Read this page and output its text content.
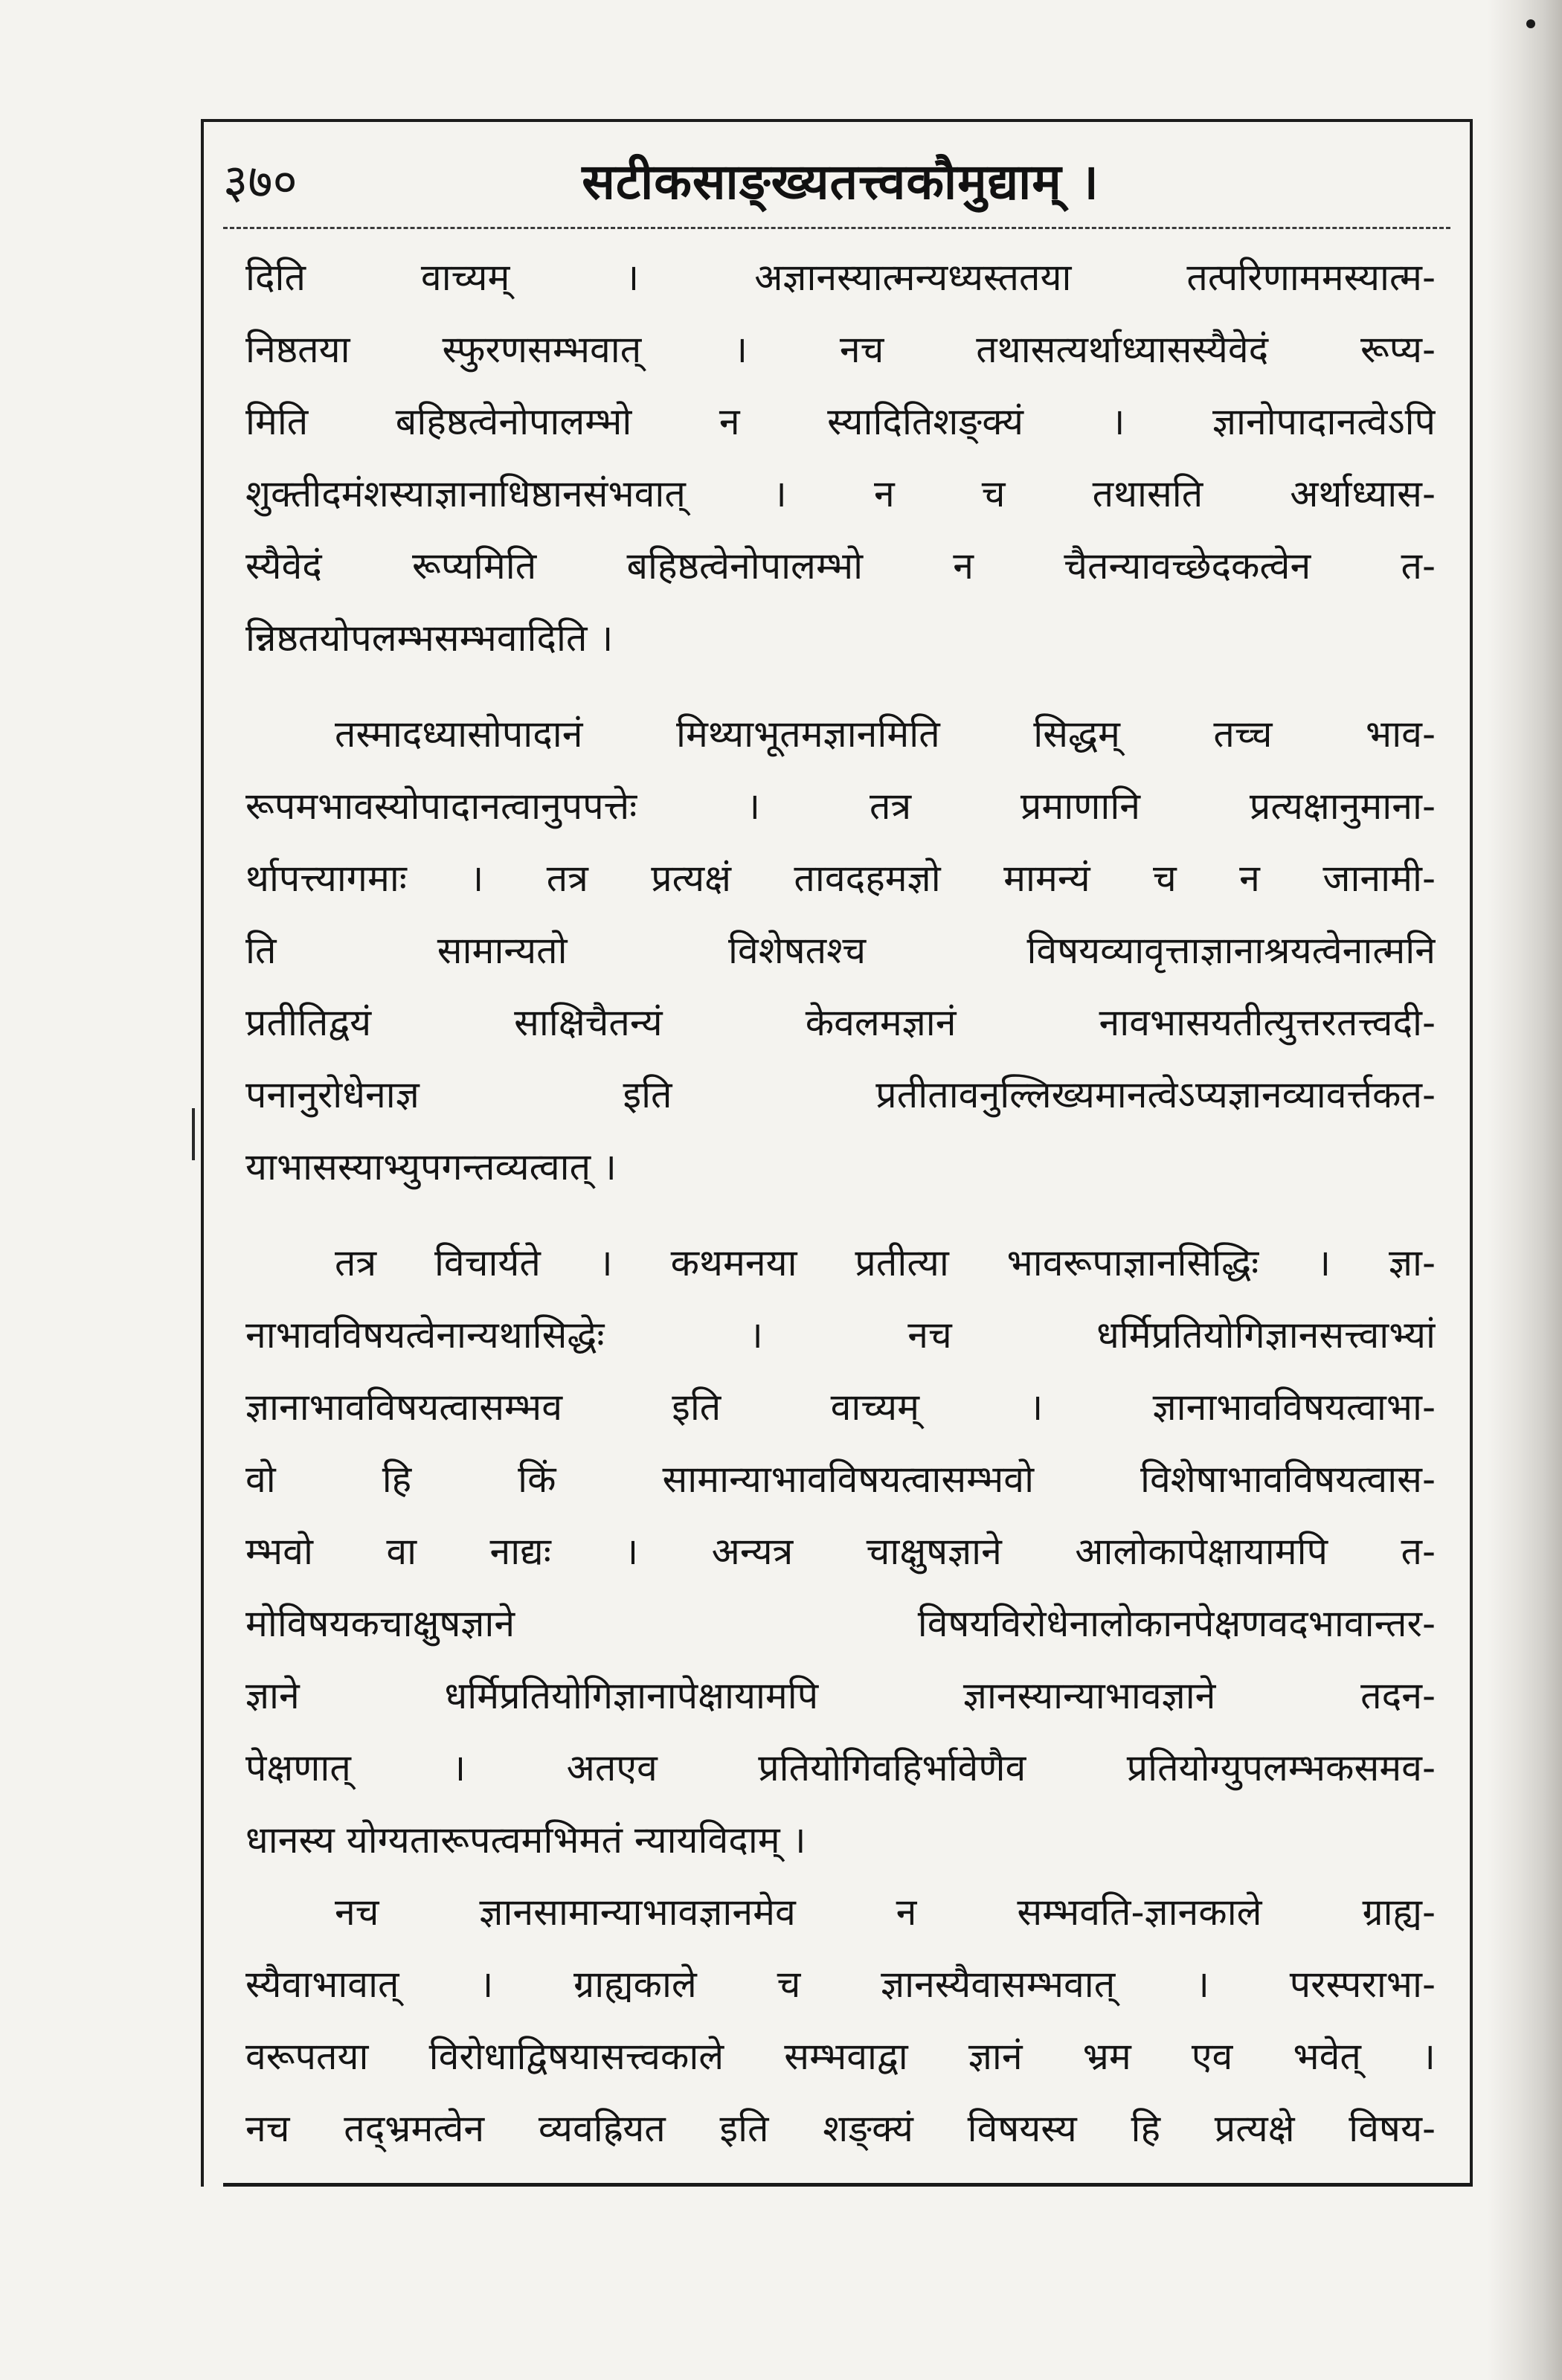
३७०	सटीकसाङ्ख्यतत्त्वकौमुद्याम् ।
दिति वाच्यम् । अज्ञानस्यात्मन्यध्यस्ततया तत्परिणाममस्यात्म-
निष्ठतया स्फुरणसम्भवात् । नच तथासत्यर्थाध्यासस्यैवेदं रूप्य-
मिति बहिष्ठत्वेनोपालम्भो न स्यादितिशङ्क्यं । ज्ञानोपादानत्वेऽपि
शुक्तीदमंशस्याज्ञानाधिष्ठानसंभवात् । न च तथासति अर्थाध्यास-
स्यैवेदं रूप्यमिति बहिष्ठत्वेनोपालम्भो न चैतन्यावच्छेदकत्वेन त-
न्निष्ठतयोपलम्भसम्भवादिति ।
तस्मादध्यासोपादानं मिथ्याभूतमज्ञानमिति सिद्धम् तच्च भाव-
रूपमभावस्योपादानत्वानुपपत्तेः । तत्र प्रमाणानि प्रत्यक्षानुमाना-
र्थापत्त्यागमाः । तत्र प्रत्यक्षं तावदहमज्ञो मामन्यं च न जानामी-
ति सामान्यतो विशेषतश्च विषयव्यावृत्ताज्ञानाश्रयत्वेनात्मनि
प्रतीतिद्वयं साक्षिचैतन्यं केवलमज्ञानं नावभासयतीत्युत्तरतत्त्वदी-
पनानुरोधेनाज्ञ इति प्रतीतावनुल्लिख्यमानत्वेऽप्यज्ञानव्यावर्त्तकत-
याभासस्याभ्युपगन्तव्यत्वात् ।
तत्र विचार्यते । कथमनया प्रतीत्या भावरूपाज्ञानसिद्धिः । ज्ञा-
नाभावविषयत्वेनान्यथासिद्धेः । नच धर्मिप्रतियोगिज्ञानसत्त्वाभ्यां
ज्ञानाभावविषयत्वासम्भव इति वाच्यम् । ज्ञानाभावविषयत्वाभा-
वो हि किं सामान्याभावविषयत्वासम्भवो विशेषाभावविषयत्वास-
म्भवो वा नाद्यः । अन्यत्र चाक्षुषज्ञाने आलोकापेक्षायामपि त-
मोविषयकचाक्षुषज्ञाने विषयविरोधेनालोकानपेक्षणवदभावान्तर-
ज्ञाने धर्मिप्रतियोगिज्ञानापेक्षायामपि ज्ञानस्यान्याभावज्ञाने तदन-
पेक्षणात् । अतएव प्रतियोगिवहिर्भावेणैव प्रतियोग्युपलम्भकसमव-
धानस्य योग्यतारूपत्वमभिमतं न्यायविदाम् ।
नच ज्ञानसामान्याभावज्ञानमेव न सम्भवति-ज्ञानकाले ग्राह्य-
स्यैवाभावात् । ग्राह्यकाले च ज्ञानस्यैवासम्भवात् । परस्पराभा-
वरूपतया विरोधाद्विषयासत्त्वकाले सम्भवाद्वा ज्ञानं भ्रम एव भवेत् ।
नच तद्भ्रमत्वेन व्यवह्रियत इति शङ्क्यं विषयस्य हि प्रत्यक्षे विषय-
